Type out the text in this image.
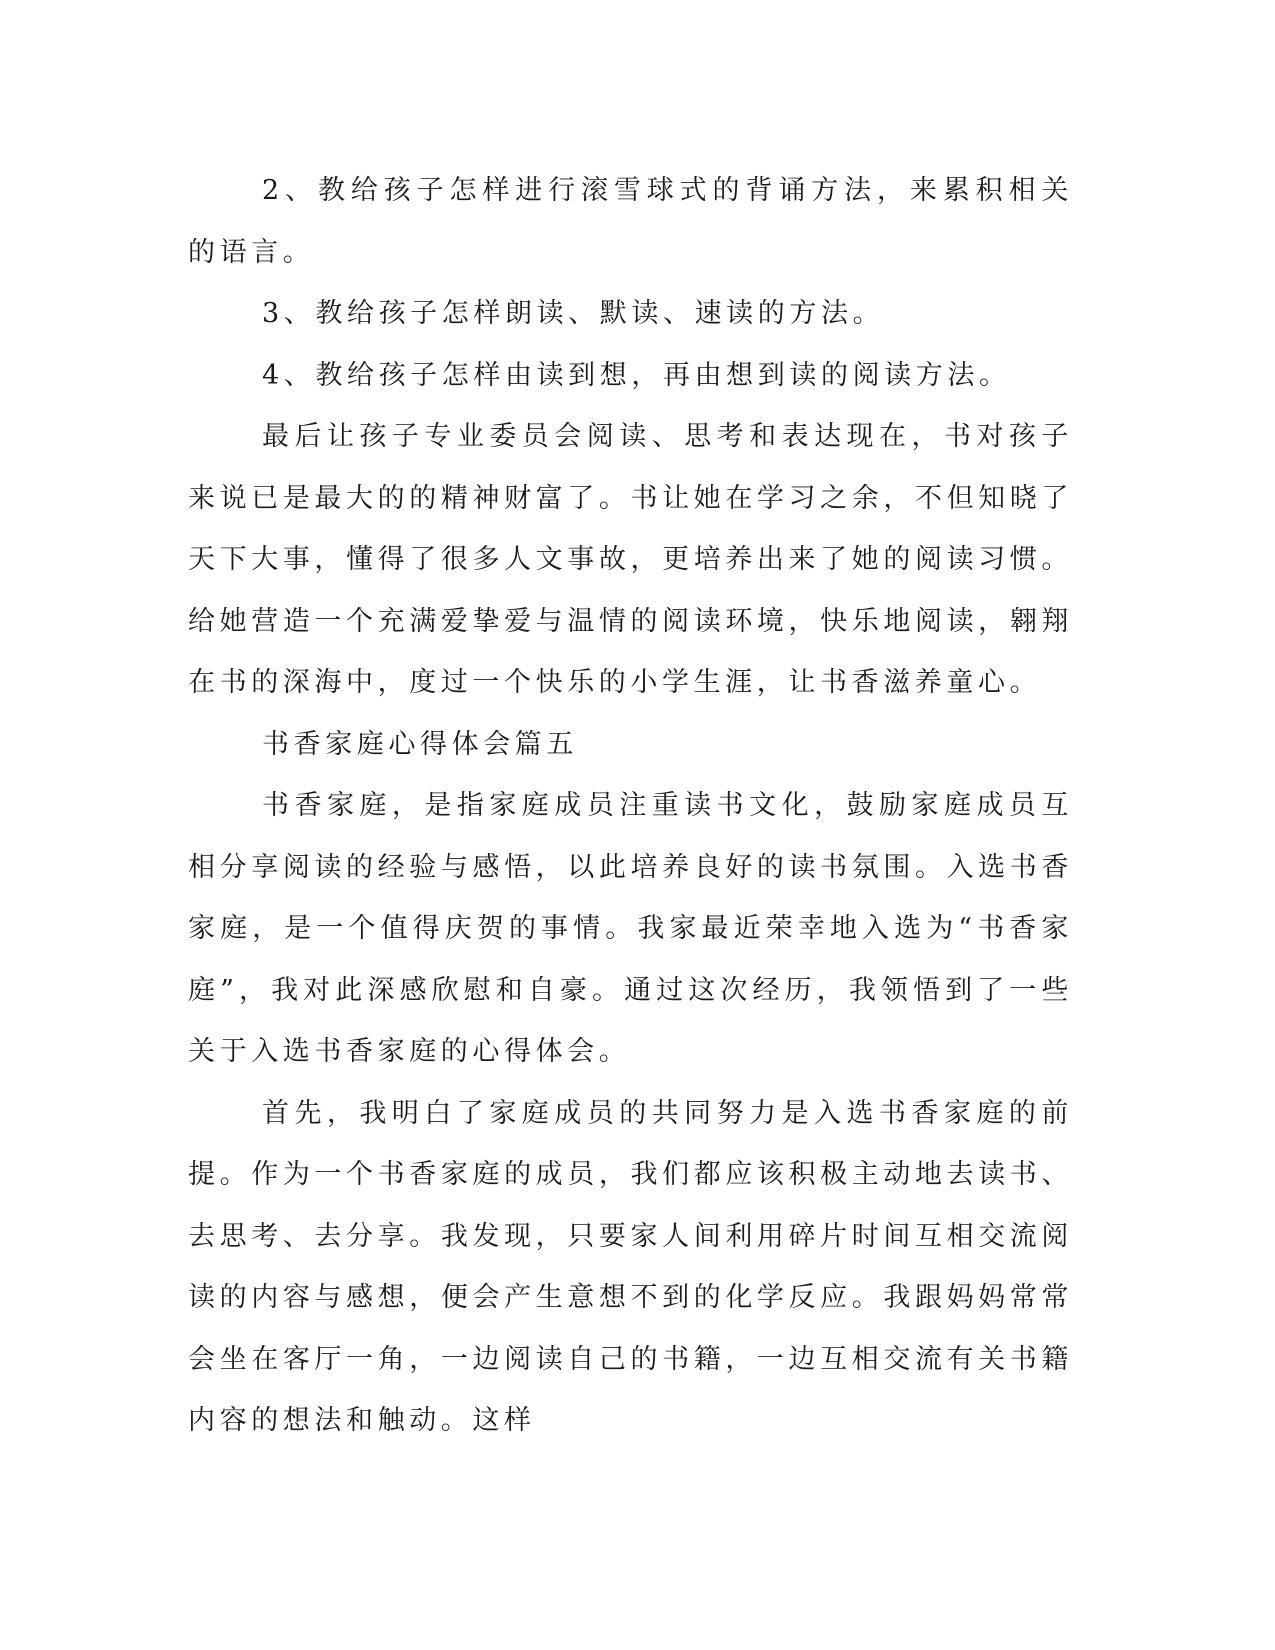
2、教给孩子怎样进行滚雪球式的背诵方法，来累积相关的语言。

3、教给孩子怎样朗读、默读、速读的方法。

4、教给孩子怎样由读到想，再由想到读的阅读方法。

最后让孩子专业委员会阅读、思考和表达现在，书对孩子来说已是最大的的精神财富了。书让她在学习之余，不但知晓了天下大事，懂得了很多人文事故，更培养出来了她的阅读习惯。给她营造一个充满爱挚爱与温情的阅读环境，快乐地阅读，翱翔在书的深海中，度过一个快乐的小学生涯，让书香滋养童心。

书香家庭心得体会篇五

书香家庭，是指家庭成员注重读书文化，鼓励家庭成员互相分享阅读的经验与感悟，以此培养良好的读书氛围。入选书香家庭，是一个值得庆贺的事情。我家最近荣幸地入选为“书香家庭”，我对此深感欣慰和自豪。通过这次经历，我领悟到了一些关于入选书香家庭的心得体会。

首先，我明白了家庭成员的共同努力是入选书香家庭的前提。作为一个书香家庭的成员，我们都应该积极主动地去读书、去思考、去分享。我发现，只要家人间利用碎片时间互相交流阅读的内容与感想，便会产生意想不到的化学反应。我跟妈妈常常会坐在客厅一角，一边阅读自己的书籍，一边互相交流有关书籍内容的想法和触动。这样
